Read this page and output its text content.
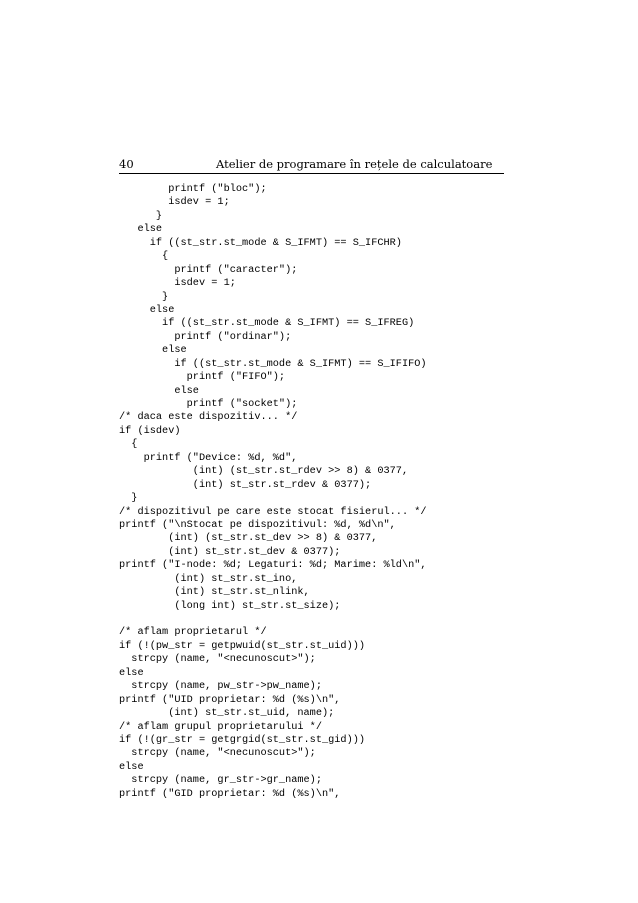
40	Atelier de programare în rețele de calculatoare
printf ("bloc");
isdev = 1;
}
else
if ((st_str.st_mode & S_IFMT) == S_IFCHR)
{
printf ("caracter");
isdev = 1;
}
else
if ((st_str.st_mode & S_IFMT) == S_IFREG)
printf ("ordinar");
else
if ((st_str.st_mode & S_IFMT) == S_IFIFO)
printf ("FIFO");
else
printf ("socket");
/* daca este dispozitiv... */
if (isdev)
{
printf ("Device: %d, %d",
(int) (st_str.st_rdev >> 8) & 0377,
(int) st_str.st_rdev & 0377);
}
/* dispozitivul pe care este stocat fisierul... */
printf ("\nStocat pe dispozitivul: %d, %d\n",
(int) (st_str.st_dev >> 8) & 0377,
(int) st_str.st_dev & 0377);
printf ("I-node: %d; Legaturi: %d; Marime: %ld\n",
(int) st_str.st_ino,
(int) st_str.st_nlink,
(long int) st_str.st_size);
/* aflam proprietarul */
if (!(pw_str = getpwuid(st_str.st_uid)))
strcpy (name, "<necunoscut>");
else
strcpy (name, pw_str->pw_name);
printf ("UID proprietar: %d (%s)\n",
(int) st_str.st_uid, name);
/* aflam grupul proprietarului */
if (!(gr_str = getgrgid(st_str.st_gid)))
strcpy (name, "<necunoscut>");
else
strcpy (name, gr_str->gr_name);
printf ("GID proprietar: %d (%s)\n",
